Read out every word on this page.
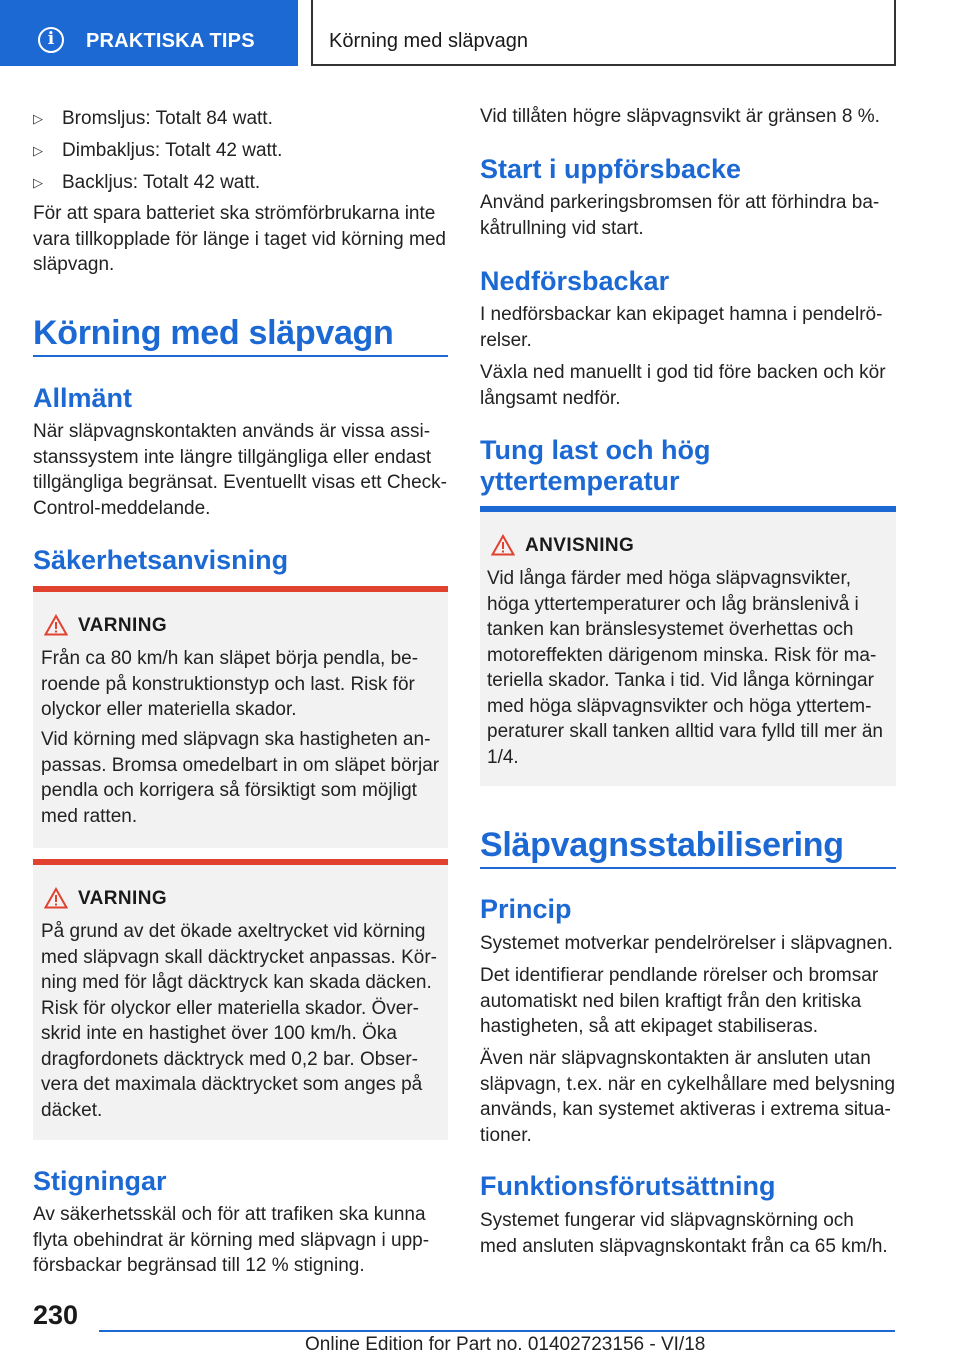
i	PRAKTISKA TIPS	Körning med släpvagn
▷ Bromsljus: Totalt 84 watt.
▷ Dimbakljus: Totalt 42 watt.
▷ Backljus: Totalt 42 watt.
För att spara batteriet ska strömförbrukarna inte
vara tillkopplade för länge i taget vid körning med
släpvagn.
Körning med släpvagn
Allmänt
När släpvagnskontakten används är vissa assi-
stanssystem inte längre tillgängliga eller endast
tillgängliga begränsat. Eventuellt visas ett Check-
Control-meddelande.
Säkerhetsanvisning
VARNING
Från ca 80 km/h kan släpet börja pendla, be-
roende på konstruktionstyp och last. Risk för
olyckor eller materiella skador.
Vid körning med släpvagn ska hastigheten an-
passas. Bromsa omedelbart in om släpet börjar
pendla och korrigera så försiktigt som möjligt
med ratten.
VARNING
På grund av det ökade axeltrycket vid körning
med släpvagn skall däcktrycket anpassas. Kör-
ning med för lågt däcktryck kan skada däcken.
Risk för olyckor eller materiella skador. Över-
skrid inte en hastighet över 100 km/h. Öka
dragfordonets däcktryck med 0,2 bar. Obser-
vera det maximala däcktrycket som anges på
däcket.
Stigningar
Av säkerhetsskäl och för att trafiken ska kunna
flyta obehindrat är körning med släpvagn i upp-
försbackar begränsad till 12 % stigning.
Vid tillåten högre släpvagnsvikt är gränsen 8 %.
Start i uppförsbacke
Använd parkeringsbromsen för att förhindra ba-
kåtrullning vid start.
Nedförsbackar
I nedförsbackar kan ekipaget hamna i pendelrö-
relser.
Växla ned manuellt i god tid före backen och kör
långsamt nedför.
Tung last och hög
yttertemperatur
ANVISNING
Vid långa färder med höga släpvagnsvikter,
höga yttertemperaturer och låg bränslenivå i
tanken kan bränslesystemet överhettas och
motoreffekten därigenom minska. Risk för ma-
teriella skador. Tanka i tid. Vid långa körningar
med höga släpvagnsvikter och höga yttertem-
peraturer skall tanken alltid vara fylld till mer än
1/4.
Släpvagnsstabilisering
Princip
Systemet motverkar pendelrörelser i släpvagnen.
Det identifierar pendlande rörelser och bromsar
automatiskt ned bilen kraftigt från den kritiska
hastigheten, så att ekipaget stabiliseras.
Även när släpvagnskontakten är ansluten utan
släpvagn, t.ex. när en cykelhållare med belysning
används, kan systemet aktiveras i extrema situa-
tioner.
Funktionsförutsättning
Systemet fungerar vid släpvagnskörning och
med ansluten släpvagnskontakt från ca 65 km/h.
230
Online Edition for Part no. 01402723156 - VI/18
